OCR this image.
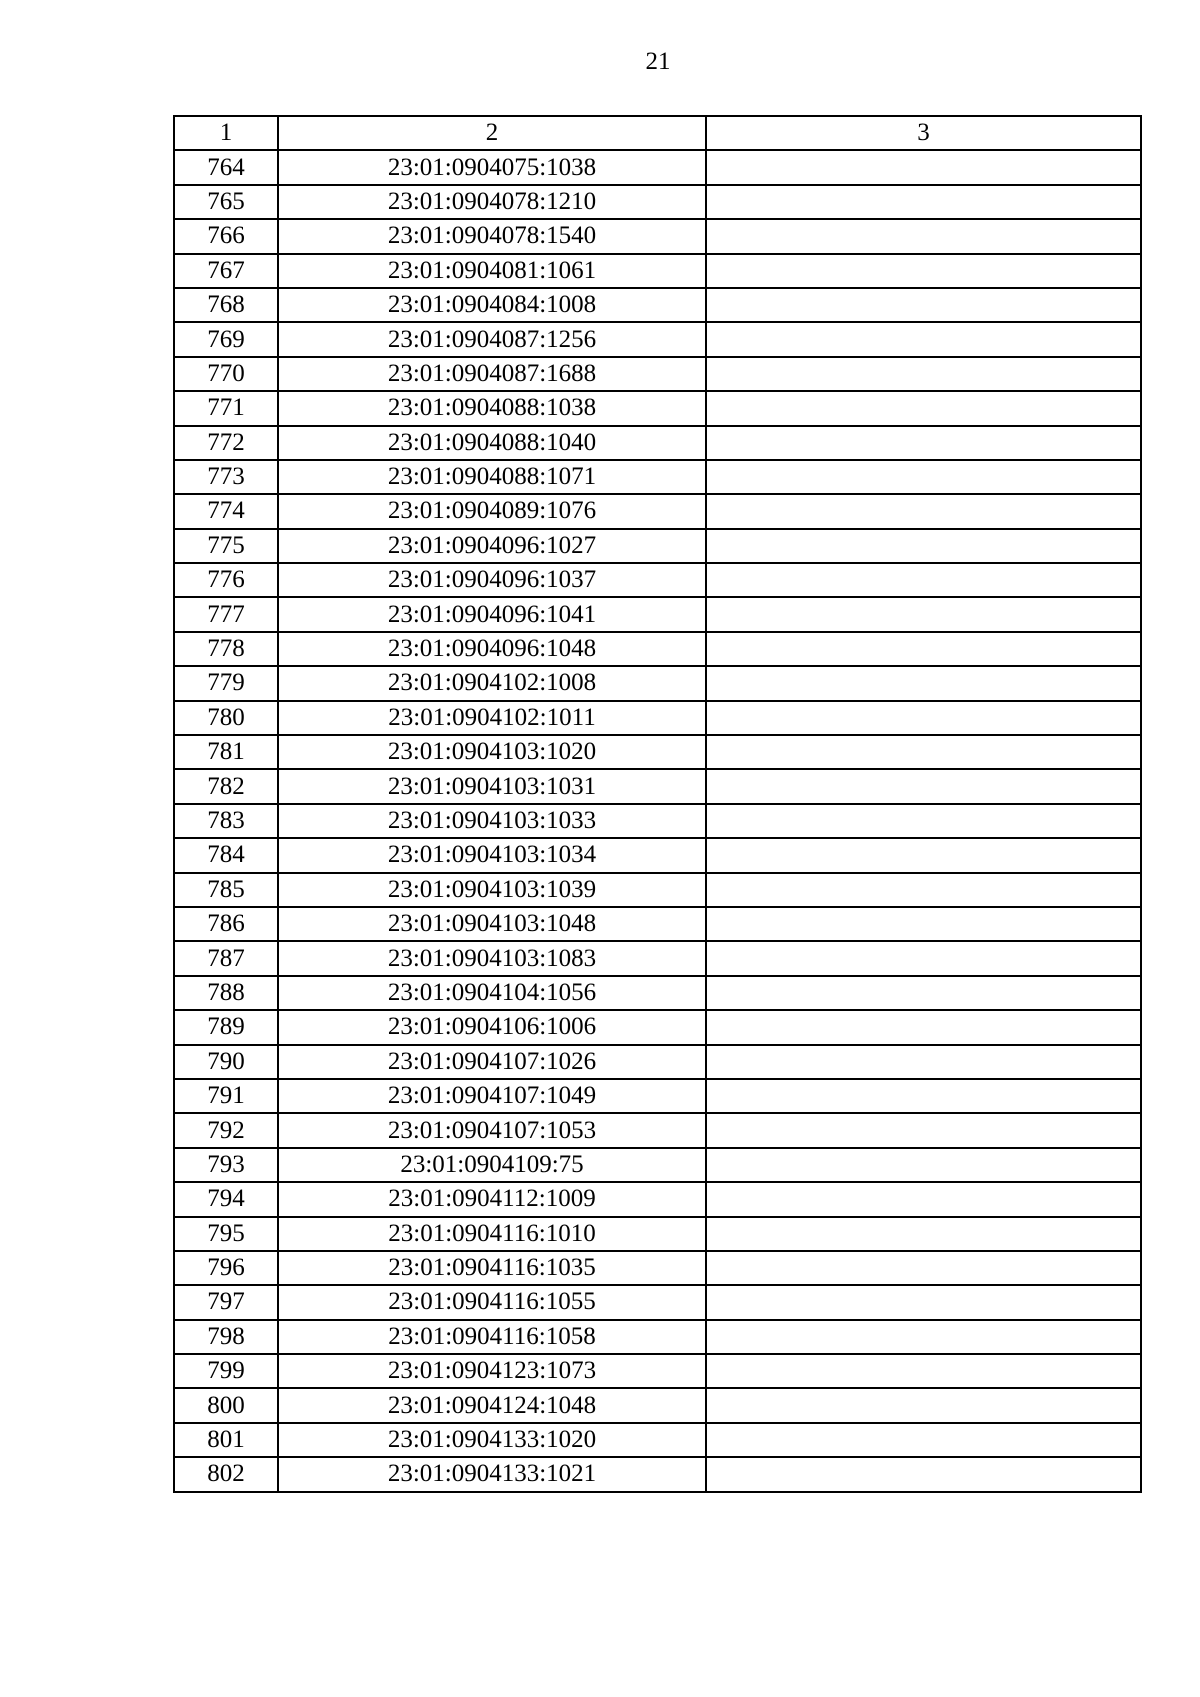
21
1	2	3
764	23:01:0904075:1038	
765	23:01:0904078:1210	
766	23:01:0904078:1540	
767	23:01:0904081:1061	
768	23:01:0904084:1008	
769	23:01:0904087:1256	
770	23:01:0904087:1688	
771	23:01:0904088:1038	
772	23:01:0904088:1040	
773	23:01:0904088:1071	
774	23:01:0904089:1076	
775	23:01:0904096:1027	
776	23:01:0904096:1037	
777	23:01:0904096:1041	
778	23:01:0904096:1048	
779	23:01:0904102:1008	
780	23:01:0904102:1011	
781	23:01:0904103:1020	
782	23:01:0904103:1031	
783	23:01:0904103:1033	
784	23:01:0904103:1034	
785	23:01:0904103:1039	
786	23:01:0904103:1048	
787	23:01:0904103:1083	
788	23:01:0904104:1056	
789	23:01:0904106:1006	
790	23:01:0904107:1026	
791	23:01:0904107:1049	
792	23:01:0904107:1053	
793	23:01:0904109:75	
794	23:01:0904112:1009	
795	23:01:0904116:1010	
796	23:01:0904116:1035	
797	23:01:0904116:1055	
798	23:01:0904116:1058	
799	23:01:0904123:1073	
800	23:01:0904124:1048	
801	23:01:0904133:1020	
802	23:01:0904133:1021	
